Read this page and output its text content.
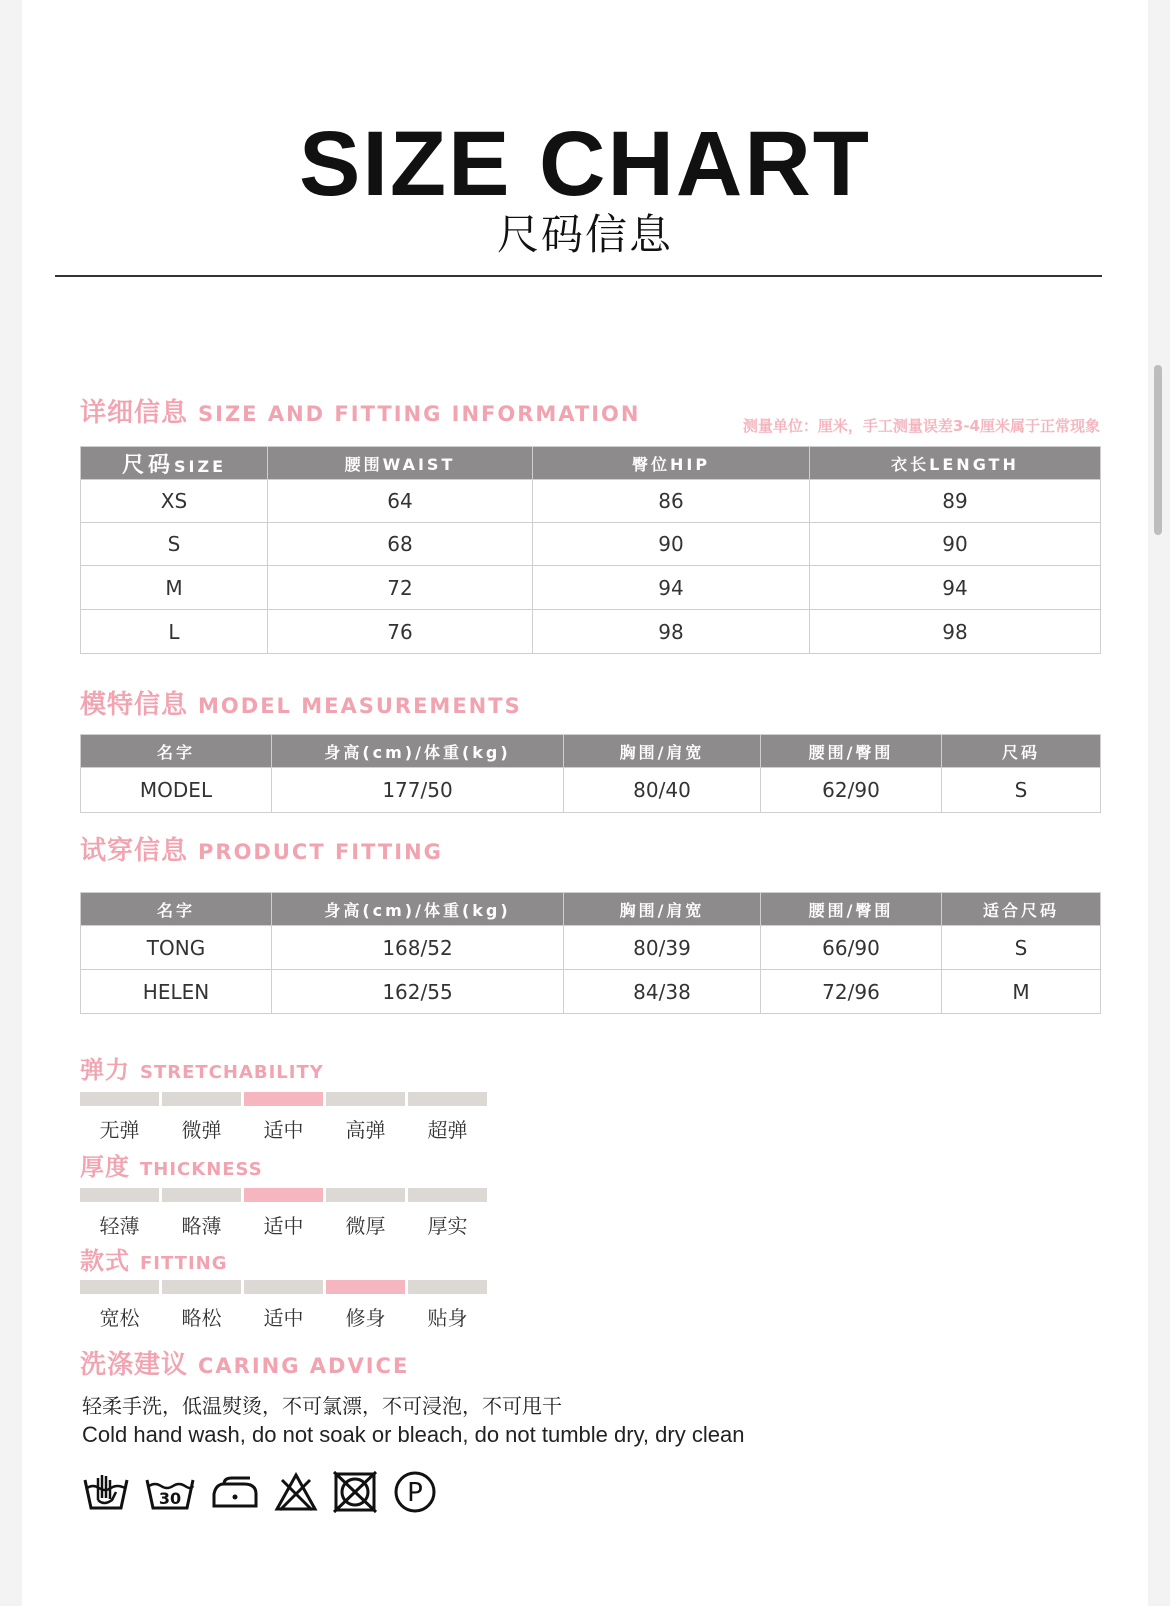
SIZE CHART
尺码信息
详细信息 SIZE AND FITTING INFORMATION	测量单位：厘米，手工测量误差3-4厘米属于正常现象
尺码SIZE	腰围WAIST	臀位HIP	衣长LENGTH
XS	64	86	89
S	68	90	90
M	72	94	94
L	76	98	98
模特信息 MODEL MEASUREMENTS
名字	身高(cm)/体重(kg)	胸围/肩宽	腰围/臀围	尺码
MODEL	177/50	80/40	62/90	S
试穿信息 PRODUCT FITTING
名字	身高(cm)/体重(kg)	胸围/肩宽	腰围/臀围	适合尺码
TONG	168/52	80/39	66/90	S
HELEN	162/55	84/38	72/96	M
弹力 STRETCHABILITY
无弹	微弹	适中	高弹	超弹
厚度 THICKNESS
轻薄	略薄	适中	微厚	厚实
款式 FITTING
宽松	略松	适中	修身	贴身
洗涤建议 CARING ADVICE
轻柔手洗，低温熨烫，不可氯漂，不可浸泡，不可甩干
Cold hand wash, do not soak or bleach, do not tumble dry, dry clean
30	P
